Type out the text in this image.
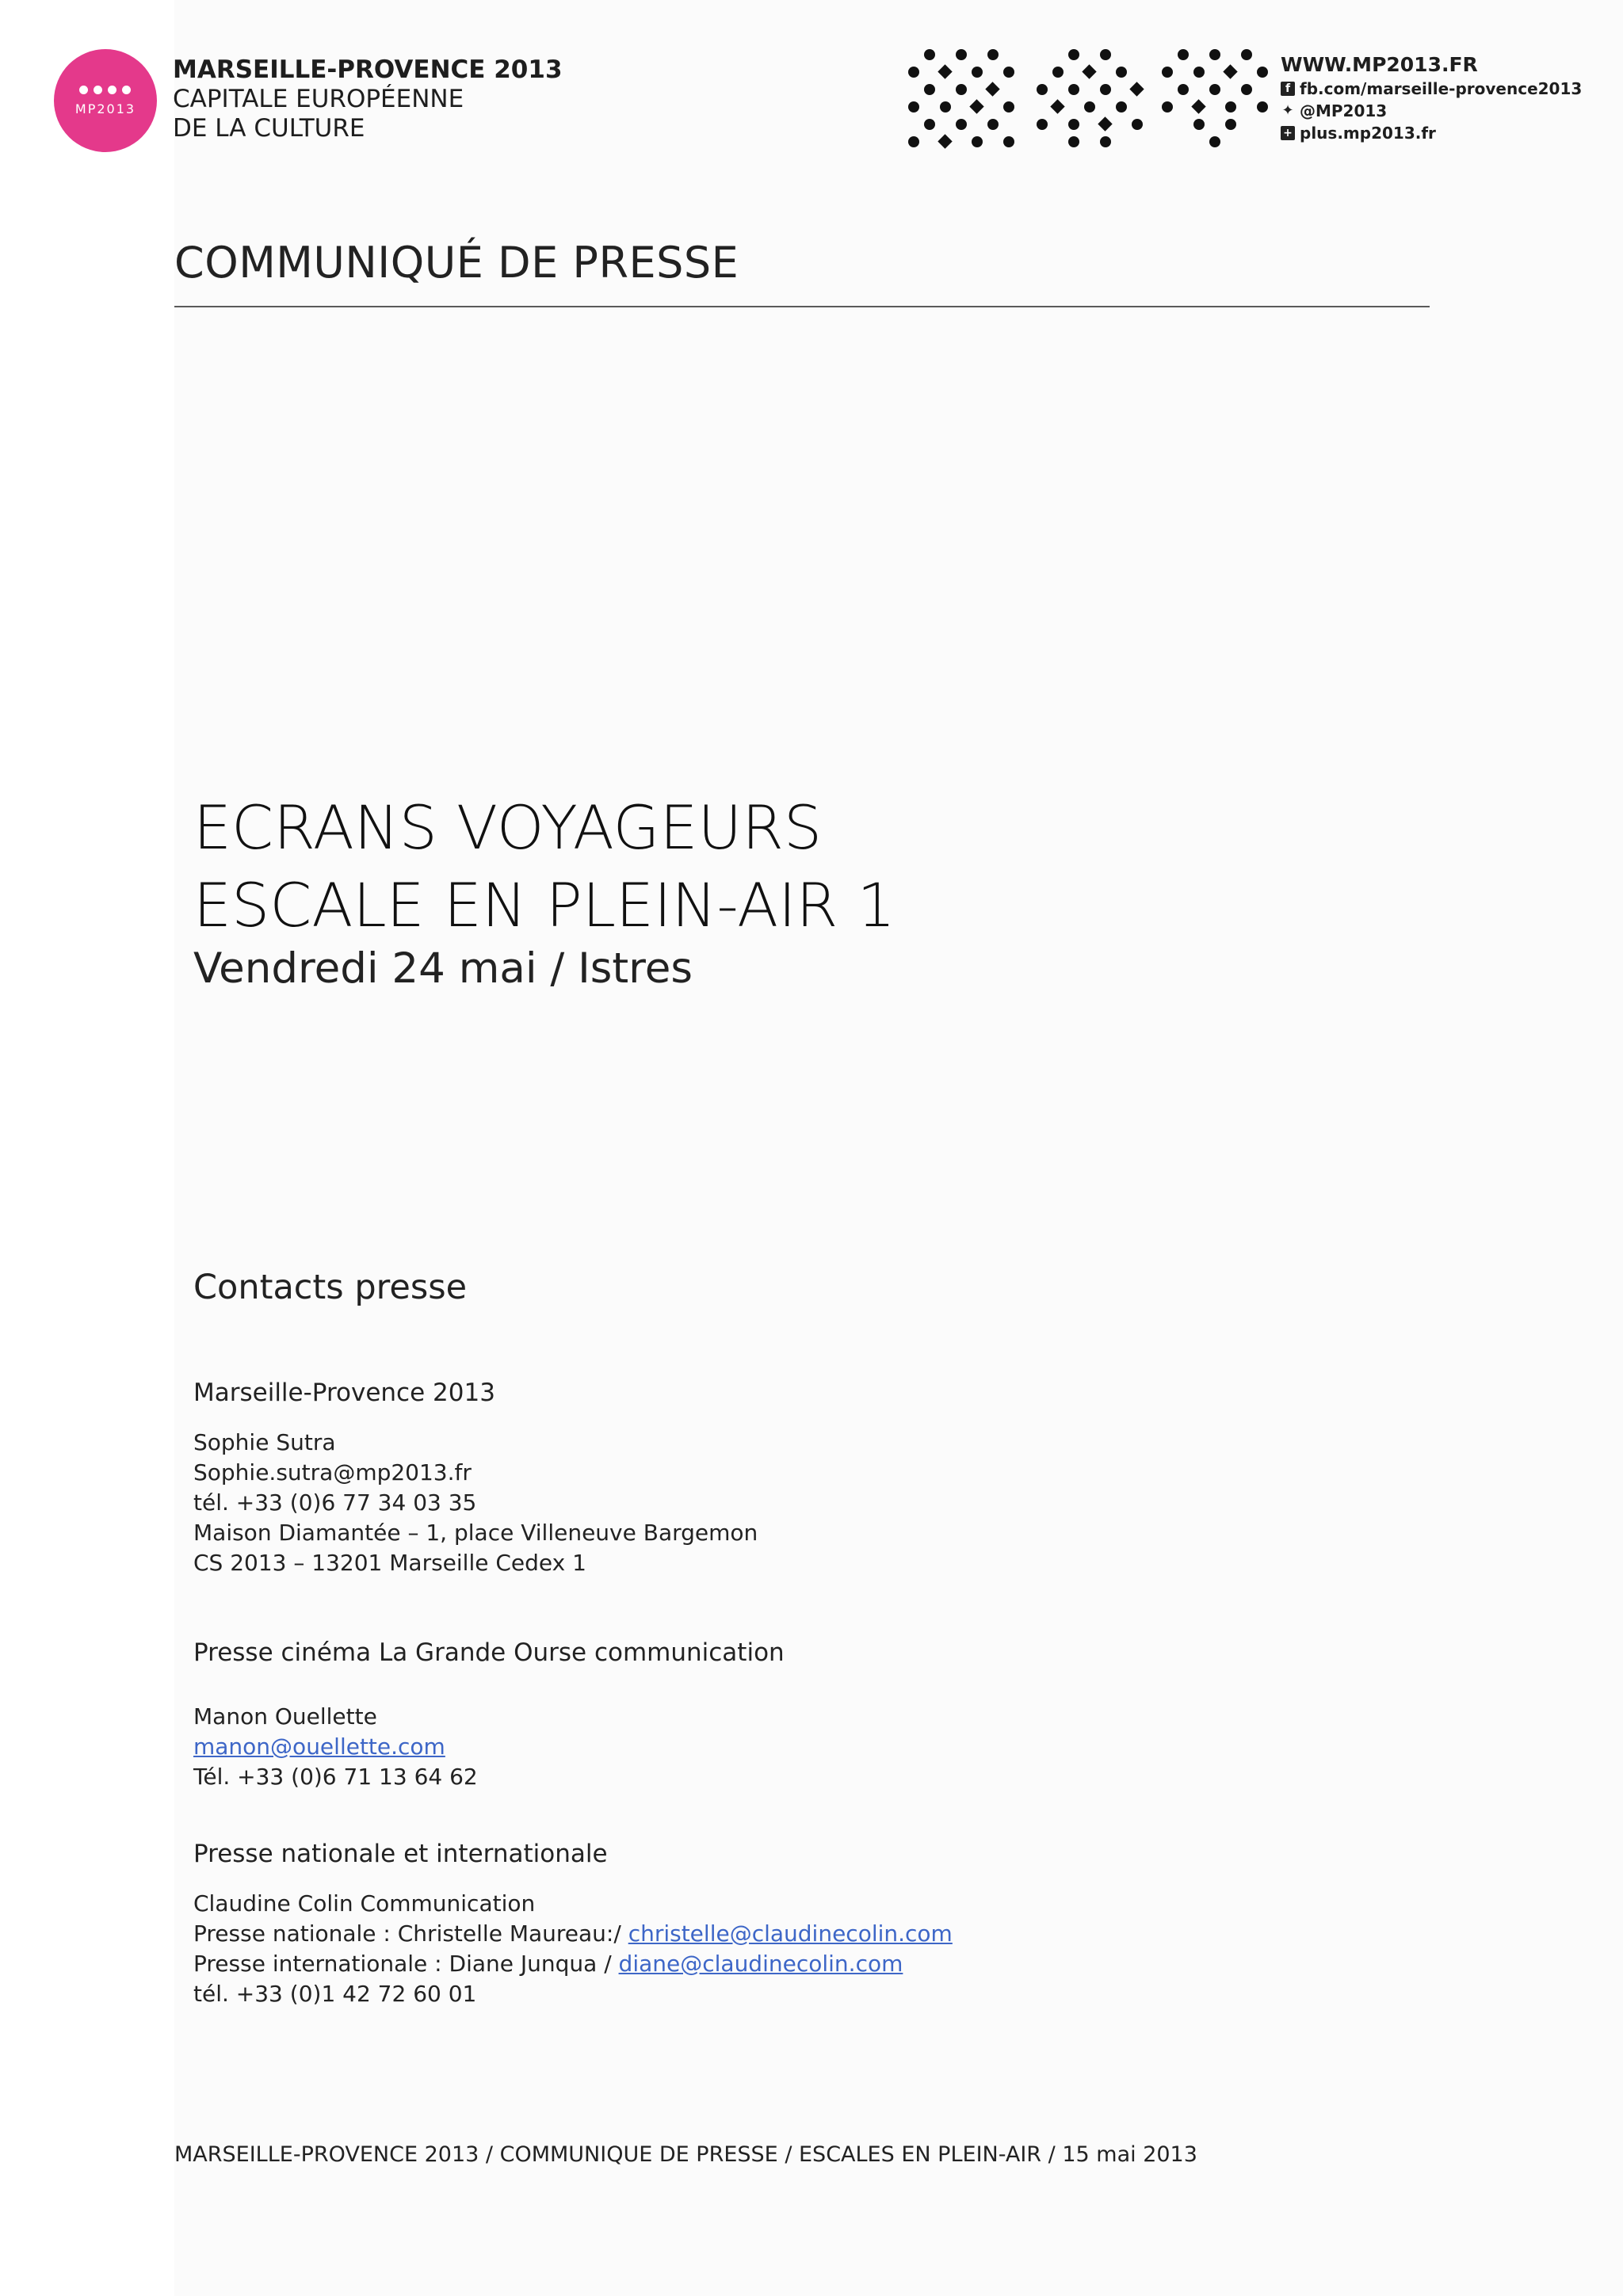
MP2013
MARSEILLE-PROVENCE 2013
CAPITALE EUROPÉENNE
DE LA CULTURE
WWW.MP2013.FR
f fb.com/marseille-provence2013
✦ @MP2013
+ plus.mp2013.fr
COMMUNIQUÉ DE PRESSE
ECRANS VOYAGEURS
ESCALE EN PLEIN-AIR 1
Vendredi 24 mai / Istres
Contacts presse
Marseille-Provence 2013
Sophie Sutra
Sophie.sutra@mp2013.fr
tél. +33 (0)6 77 34 03 35
Maison Diamantée – 1, place Villeneuve Bargemon
CS 2013 – 13201 Marseille Cedex 1
Presse cinéma La Grande Ourse communication
Manon Ouellette
manon@ouellette.com
Tél. +33 (0)6 71 13 64 62
Presse nationale et internationale
Claudine Colin Communication
Presse nationale : Christelle Maureau:/ christelle@claudinecolin.com
Presse internationale : Diane Junqua / diane@claudinecolin.com
tél. +33 (0)1 42 72 60 01
MARSEILLE-PROVENCE 2013 / COMMUNIQUE DE PRESSE / ESCALES EN PLEIN-AIR / 15 mai 2013
